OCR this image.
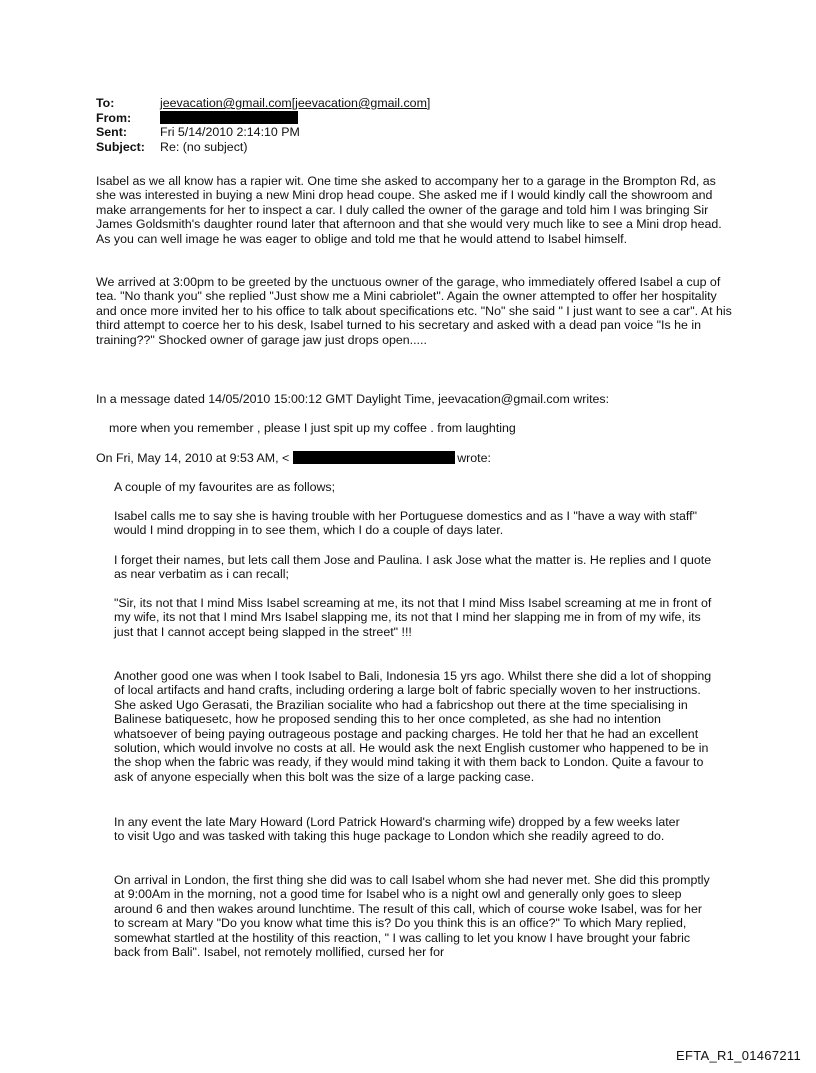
To:	jeevacation@gmail.com[jeevacation@gmail.com]
From:
Sent:	Fri 5/14/2010 2:14:10 PM
Subject:	Re: (no subject)

Isabel as we all know has a rapier wit. One time she asked to accompany her to a garage in the Brompton Rd, as she was interested in buying a new Mini drop head coupe. She asked me if I would kindly call the showroom and make arrangements for her to inspect a car. I duly called the owner of the garage and told him I was bringing Sir James Goldsmith's daughter round later that afternoon and that she would very much like to see a Mini drop head. As you can well image he was eager to oblige and told me that he would attend to Isabel himself.

We arrived at 3:00pm to be greeted by the unctuous owner of the garage, who immediately offered Isabel a cup of tea. "No thank you" she replied "Just show me a Mini cabriolet". Again the owner attempted to offer her hospitality and once more invited her to his office to talk about specifications etc. "No" she said " I just want to see a car". At his third attempt to coerce her to his desk, Isabel turned to his secretary and asked with a dead pan voice "Is he in training??" Shocked owner of garage jaw just drops open.....

In a message dated 14/05/2010 15:00:12 GMT Daylight Time, jeevacation@gmail.com writes:

more when you remember , please I just spit up my coffee . from laughting

On Fri, May 14, 2010 at 9:53 AM, <	wrote:

A couple of my favourites are as follows;

Isabel calls me to say she is having trouble with her Portuguese domestics and as I "have a way with staff" would I mind dropping in to see them, which I do a couple of days later.

I forget their names, but lets call them Jose and Paulina. I ask Jose what the matter is. He replies and I quote as near verbatim as i can recall;

"Sir, its not that I mind Miss Isabel screaming at me, its not that I mind Miss Isabel screaming at me in front of my wife, its not that I mind Mrs Isabel slapping me, its not that I mind her slapping me in from of my wife, its just that I cannot accept being slapped in the street" !!!

Another good one was when I took Isabel to Bali, Indonesia 15 yrs ago. Whilst there she did a lot of shopping of local artifacts and hand crafts, including ordering a large bolt of fabric specially woven to her instructions. She asked Ugo Gerasati, the Brazilian socialite who had a fabricshop out there at the time specialising in Balinese batiquesetc, how he proposed sending this to her once completed, as she had no intention whatsoever of being paying outrageous postage and packing charges. He told her that he had an excellent solution, which would involve no costs at all. He would ask the next English customer who happened to be in the shop when the fabric was ready, if they would mind taking it with them back to London. Quite a favour to ask of anyone especially when this bolt was the size of a large packing case.

In any event the late Mary Howard (Lord Patrick Howard's charming wife) dropped by a few weeks later to visit Ugo and was tasked with taking this huge package to London which she readily agreed to do.

On arrival in London, the first thing she did was to call Isabel whom she had never met. She did this promptly at 9:00Am in the morning, not a good time for Isabel who is a night owl and generally only goes to sleep around 6 and then wakes around lunchtime. The result of this call, which of course woke Isabel, was for her to scream at Mary "Do you know what time this is? Do you think this is an office?" To which Mary replied, somewhat startled at the hostility of this reaction, " I was calling to let you know I have brought your fabric back from Bali". Isabel, not remotely mollified, cursed her for

EFTA_R1_01467211
